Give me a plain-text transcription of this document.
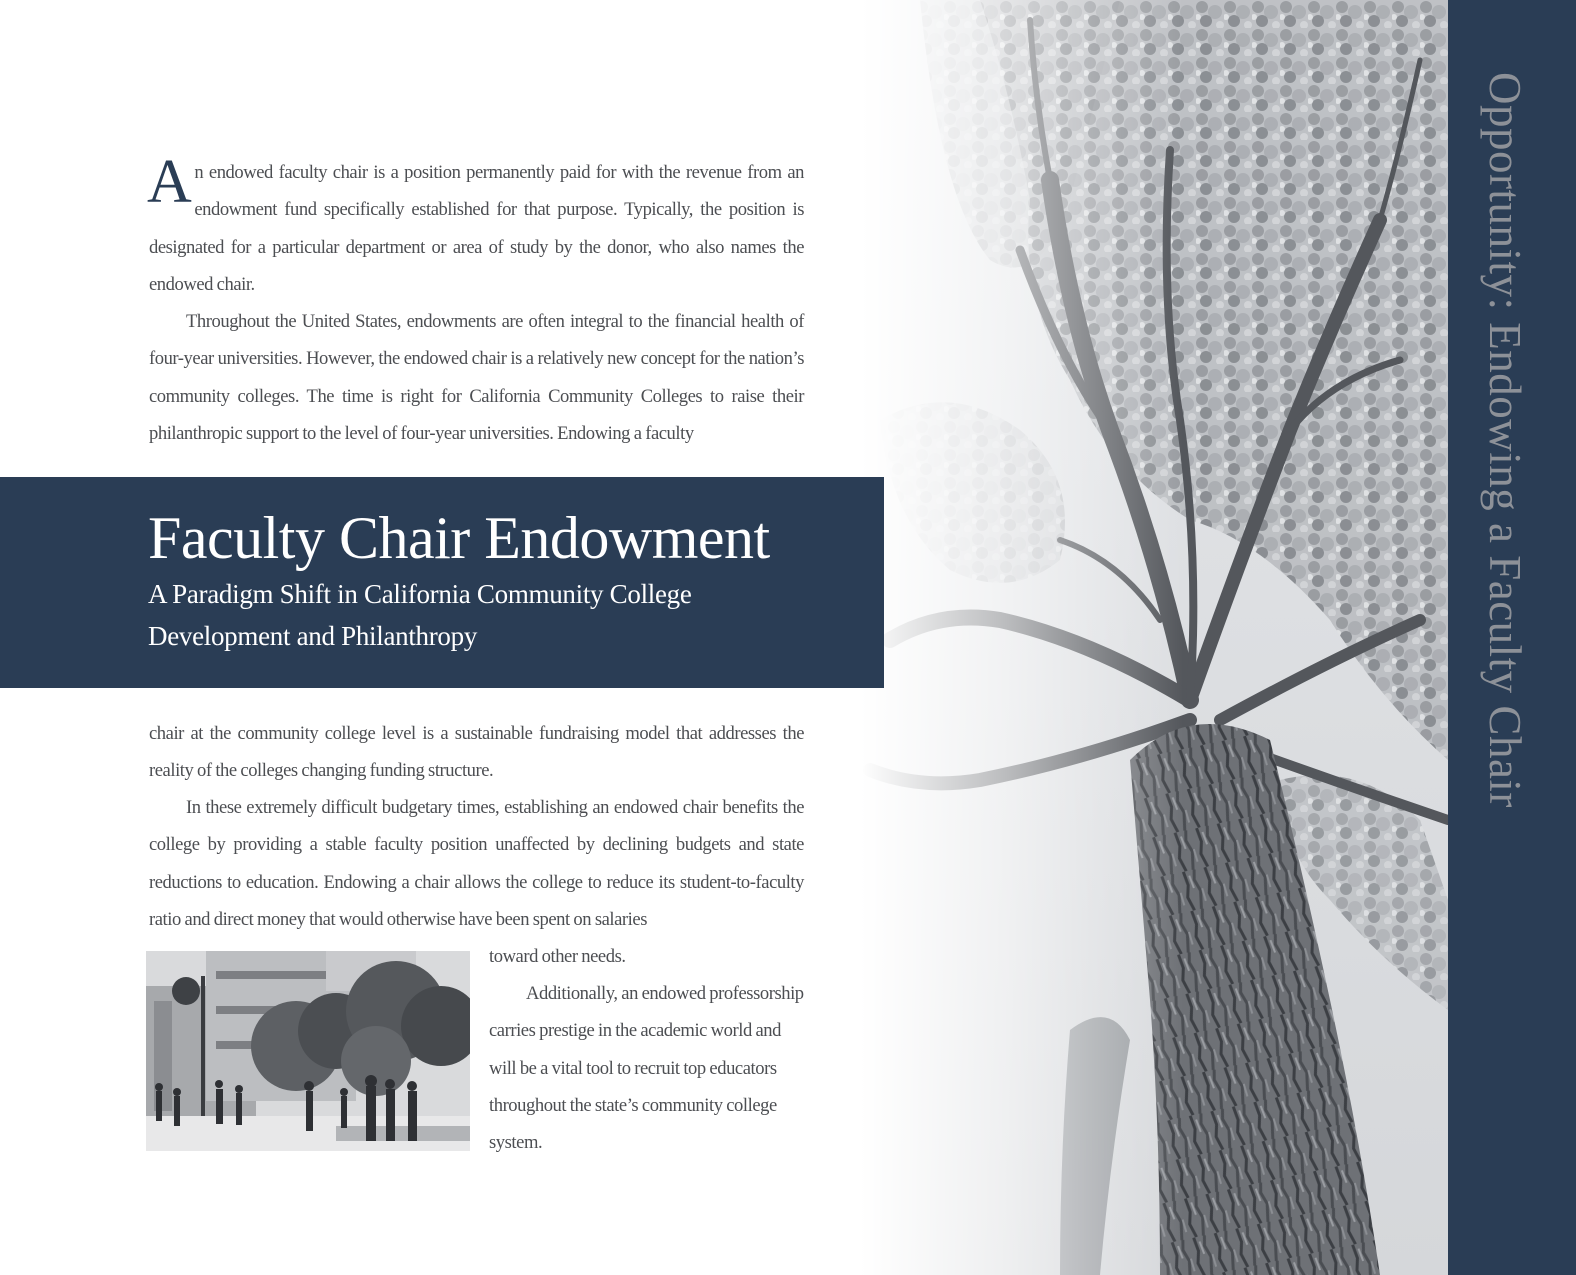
Opportunity: Endowing a Faculty Chair

An endowed faculty chair is a position permanently paid for with the revenue from an endowment fund specifically established for that purpose. Typically, the position is designated for a particular department or area of study by the donor, who also names the endowed chair.

Throughout the United States, endowments are often integral to the financial health of four-year universities. However, the endowed chair is a relatively new concept for the nation’s community colleges. The time is right for California Community Colleges to raise their philanthropic support to the level of four-year universities. Endowing a faculty

Faculty Chair Endowment

A Paradigm Shift in California Community College Development and Philanthropy

chair at the community college level is a sustainable fundraising model that addresses the reality of the colleges changing funding structure.

In these extremely difficult budgetary times, establishing an endowed chair benefits the college by providing a stable faculty position unaffected by declining budgets and state reductions to education. Endowing a chair allows the college to reduce its student-to-faculty ratio and direct money that would otherwise have been spent on salaries

toward other needs.

Additionally, an endowed professorship carries prestige in the academic world and will be a vital tool to recruit top educators throughout the state’s community college system.
